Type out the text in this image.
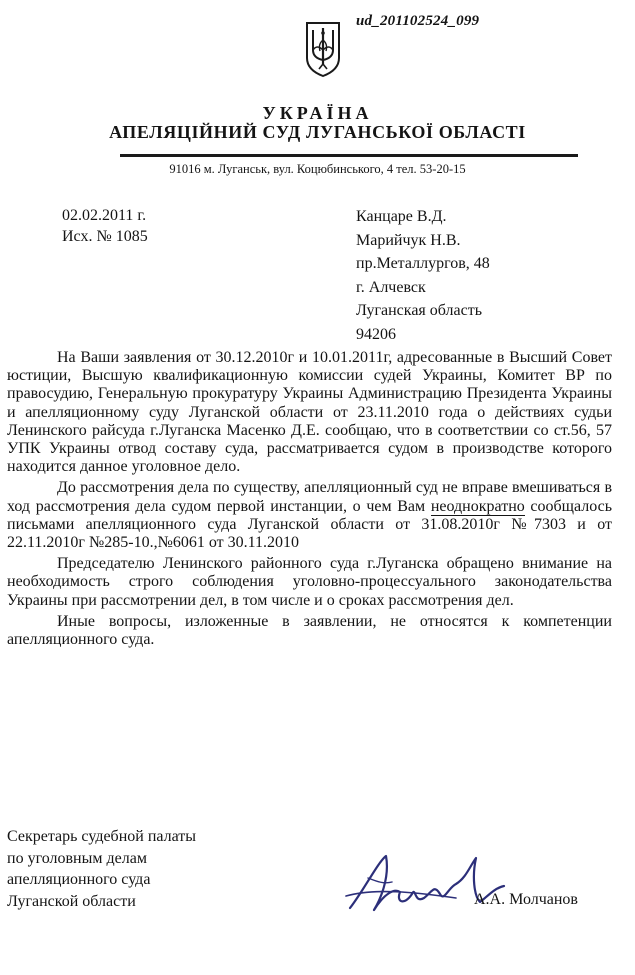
ud_201102524_099
УКРАЇНА
АПЕЛЯЦІЙНИЙ СУД ЛУГАНСЬКОЇ ОБЛАСТІ
91016 м. Луганськ, вул. Коцюбинського, 4 тел. 53-20-15
02.02.2011 г.
Исх. № 1085
Канцаре В.Д.
Марийчук Н.В.
пр.Металлургов, 48
г. Алчевск
Луганская область
94206

На Ваши заявления от 30.12.2010г и 10.01.2011г, адресованные в Высший Совет юстиции, Высшую квалификационную комиссии судей Украины, Комитет ВР по правосудию, Генеральную прокуратуру Украины Администрацию Президента Украины и апелляционному суду Луганской области от 23.11.2010 года о действиях судьи Ленинского райсуда г.Луганска Масенко Д.Е. сообщаю, что в соответствии со ст.56, 57 УПК Украины отвод составу суда, рассматривается судом в производстве которого находится данное уголовное дело.

До рассмотрения дела по существу, апелляционный суд не вправе вмешиваться в ход рассмотрения дела судом первой инстанции, о чем Вам неоднократно сообщалось письмами апелляционного суда Луганской области от 31.08.2010г №7303 и от 22.11.2010г №285-10.,№6061 от 30.11.2010

Председателю Ленинского районного суда г.Луганска обращено внимание на необходимость строго соблюдения уголовно-процессуального законодательства Украины при рассмотрении дел, в том числе и о сроках рассмотрения дел.

Иные вопросы, изложенные в заявлении, не относятся к компетенции апелляционного суда.

Секретарь судебной палаты
по уголовным делам
апелляционного суда
Луганской области	А.А. Молчанов
